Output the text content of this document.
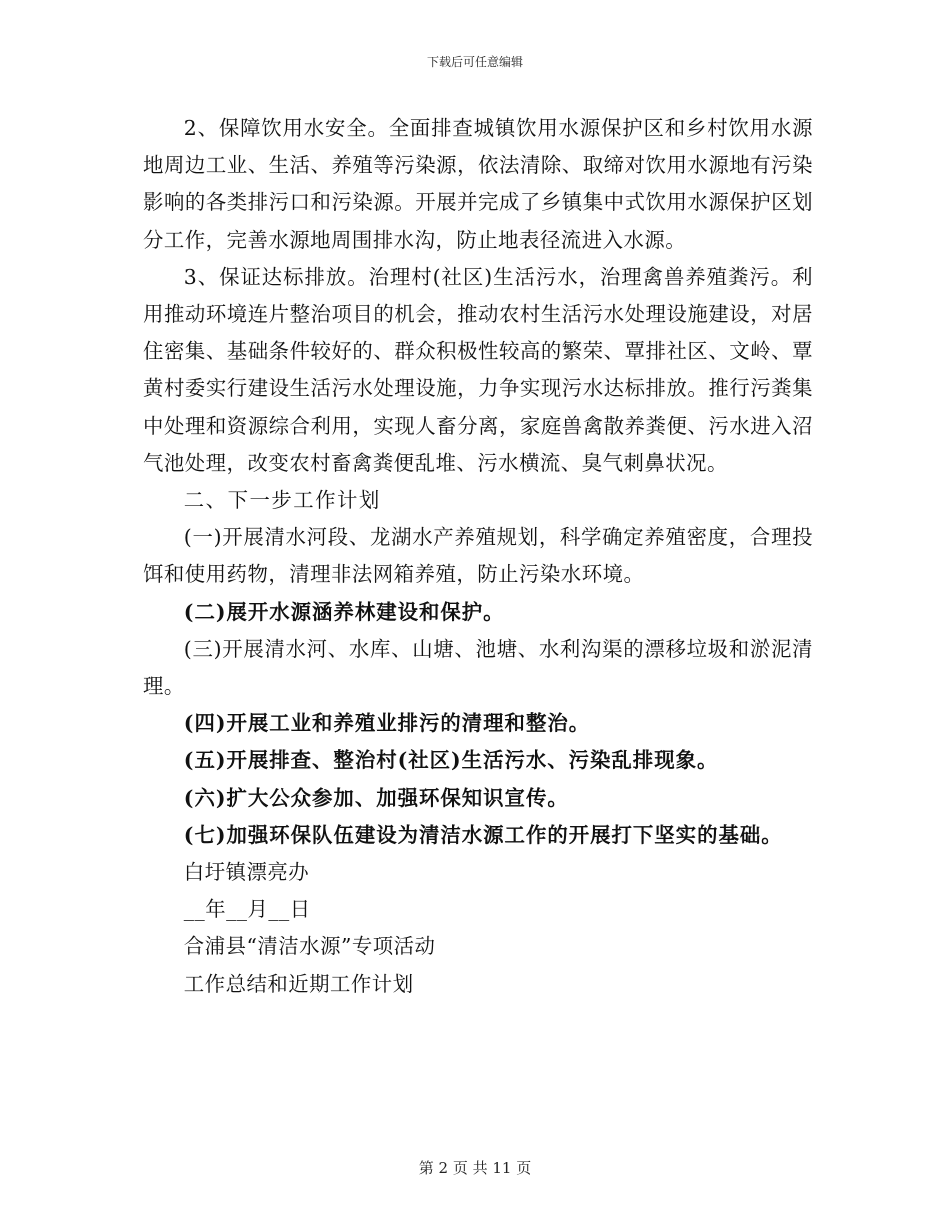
下载后可任意编辑

2、保障饮用水安全。全面排查城镇饮用水源保护区和乡村饮用水源地周边工业、生活、养殖等污染源，依法清除、取缔对饮用水源地有污染影响的各类排污口和污染源。开展并完成了乡镇集中式饮用水源保护区划分工作，完善水源地周围排水沟，防止地表径流进入水源。

3、保证达标排放。治理村(社区)生活污水，治理禽兽养殖粪污。利用推动环境连片整治项目的机会，推动农村生活污水处理设施建设，对居住密集、基础条件较好的、群众积极性较高的繁荣、覃排社区、文岭、覃黄村委实行建设生活污水处理设施，力争实现污水达标排放。推行污粪集中处理和资源综合利用，实现人畜分离，家庭兽禽散养粪便、污水进入沼气池处理，改变农村畜禽粪便乱堆、污水横流、臭气刺鼻状况。

二、下一步工作计划

(一)开展清水河段、龙湖水产养殖规划，科学确定养殖密度，合理投饵和使用药物，清理非法网箱养殖，防止污染水环境。

(二)展开水源涵养林建设和保护。

(三)开展清水河、水库、山塘、池塘、水利沟渠的漂移垃圾和淤泥清理。

(四)开展工业和养殖业排污的清理和整治。

(五)开展排查、整治村(社区)生活污水、污染乱排现象。

(六)扩大公众参加、加强环保知识宣传。

(七)加强环保队伍建设为清洁水源工作的开展打下坚实的基础。

白圩镇漂亮办

__年__月__日

合浦县“清洁水源”专项活动

工作总结和近期工作计划

第 2 页 共 11 页
